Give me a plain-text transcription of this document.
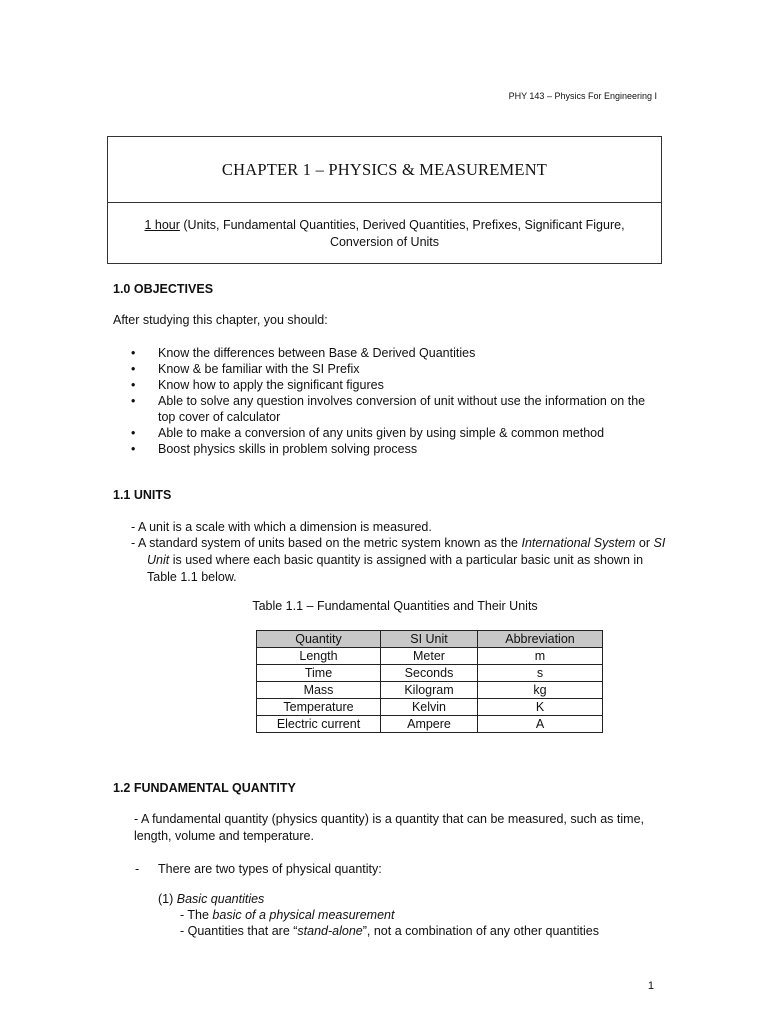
PHY 143 – Physics For Engineering I
CHAPTER 1 – PHYSICS & MEASUREMENT
1 hour (Units, Fundamental Quantities, Derived Quantities, Prefixes, Significant Figure,
Conversion of Units
1.0 OBJECTIVES
After studying this chapter, you should:
• Know the differences between Base & Derived Quantities
• Know & be familiar with the SI Prefix
• Know how to apply the significant figures
• Able to solve any question involves conversion of unit without use the information on the top cover of calculator
• Able to make a conversion of any units given by using simple & common method
• Boost physics skills in problem solving process
1.1 UNITS
- A unit is a scale with which a dimension is measured.
- A standard system of units based on the metric system known as the International System or SI Unit is used where each basic quantity is assigned with a particular basic unit as shown in Table 1.1 below.
Table 1.1 – Fundamental Quantities and Their Units
Quantity	SI Unit	Abbreviation
Length	Meter	m
Time	Seconds	s
Mass	Kilogram	kg
Temperature	Kelvin	K
Electric current	Ampere	A
1.2 FUNDAMENTAL QUANTITY
- A fundamental quantity (physics quantity) is a quantity that can be measured, such as time, length, volume and temperature.
- There are two types of physical quantity:
(1) Basic quantities
- The basic of a physical measurement
- Quantities that are “stand-alone”, not a combination of any other quantities
1
